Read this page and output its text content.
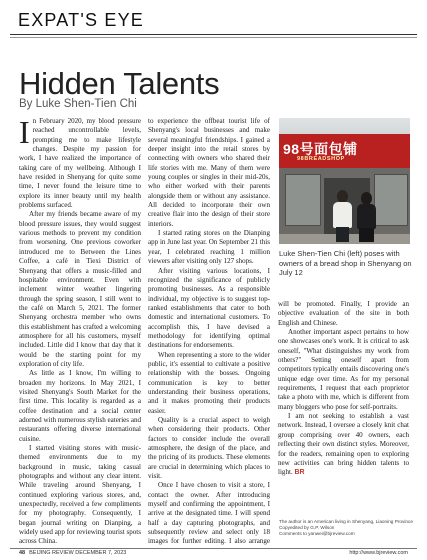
EXPAT'S EYE
Hidden Talents
By Luke Shen-Tien Chi

In February 2020, my blood pressure reached uncontrollable levels, prompting me to make lifestyle changes. Despite my passion for work, I have realized the importance of taking care of my wellbeing. Although I have resided in Shenyang for quite some time, I never found the leisure time to explore its inner beauty until my health problems surfaced.

After my friends became aware of my blood pressure issues, they would suggest various methods to prevent my condition from worsening. One previous coworker introduced me to Between the Lines Coffee, a café in Tiexi District of Shenyang that offers a music-filled and hospitable environment. Even with inclement winter weather lingering through the spring season, I still went to the café on March 5, 2021. The former Shenyang orchestra member who owns this establishment has crafted a welcoming atmosphere for all his customers, myself included. Little did I know that day that it would be the starting point for my exploration of city life.

As little as I know, I'm willing to broaden my horizons. In May 2021, I visited Shenyang's South Market for the first time. This locality is regarded as a coffee destination and a social center adorned with numerous stylish eateries and restaurants offering diverse international cuisine.

I started visiting stores with music-themed environments due to my background in music, taking casual photographs and without any clear intent. While traveling around Shenyang, I continued exploring various stores, and, unexpectedly, received a few compliments for my photography. Consequently, I began journal writing on Dianping, a widely used app for reviewing tourist spots across China.

to experience the offbeat tourist life of Shenyang's local businesses and make several meaningful friendships. I gained a deeper insight into the retail stores by connecting with owners who shared their life stories with me. Many of them were young couples or singles in their mid-20s, who either worked with their parents alongside them or without any assistance. All decided to incorporate their own creative flair into the design of their store interiors.

I started rating stores on the Dianping app in June last year. On September 21 this year, I celebrated reaching 1 million viewers after visiting only 127 shops.

After visiting various locations, I recognized the significance of publicly promoting businesses. As a responsible individual, my objective is to suggest top-ranked establishments that cater to both domestic and international customers. To accomplish this, I have devised a methodology for identifying optimal destinations for endorsements.

When representing a store to the wider public, it's essential to cultivate a positive relationship with the bosses. Ongoing communication is key to better understanding their business operations, and it makes promoting their products easier.

Quality is a crucial aspect to weigh when considering their products. Other factors to consider include the overall atmosphere, the design of the place, and the pricing of its products. These elements are crucial in determining which places to visit.

Once I have chosen to visit a store, I contact the owner. After introducing myself and confirming the appointment, I arrive at the designated time. I will spend half a day capturing photographs, and subsequently review and select only 18 images for further editing. I also arrange

98号面包铺
98BREADSHOP

Luke Shen-Tien Chi (left) poses with owners of a bread shop in Shenyang on July 12

will be promoted. Finally, I provide an objective evaluation of the site in both English and Chinese.

Another important aspect pertains to how one showcases one's work. It is critical to ask oneself, "What distinguishes my work from others?" Setting oneself apart from competitors typically entails discovering one's unique edge over time. As for my personal requirements, I request that each proprietor take a photo with me, which is different from many bloggers who pose for self-portraits.

I am not seeking to establish a vast network. Instead, I oversee a closely knit chat group comprising over 40 owners, each reflecting their own distinct styles. Moreover, for the readers, remaining open to exploring new activities can bring hidden talents to light. BR

The author is an American living in Shenyang, Liaoning Province

Copyedited by G.P. Wilson

Comments to yanwei@bjreview.com

48 BEIJING REVIEW DECEMBER 7, 2023	http://www.bjreview.com
